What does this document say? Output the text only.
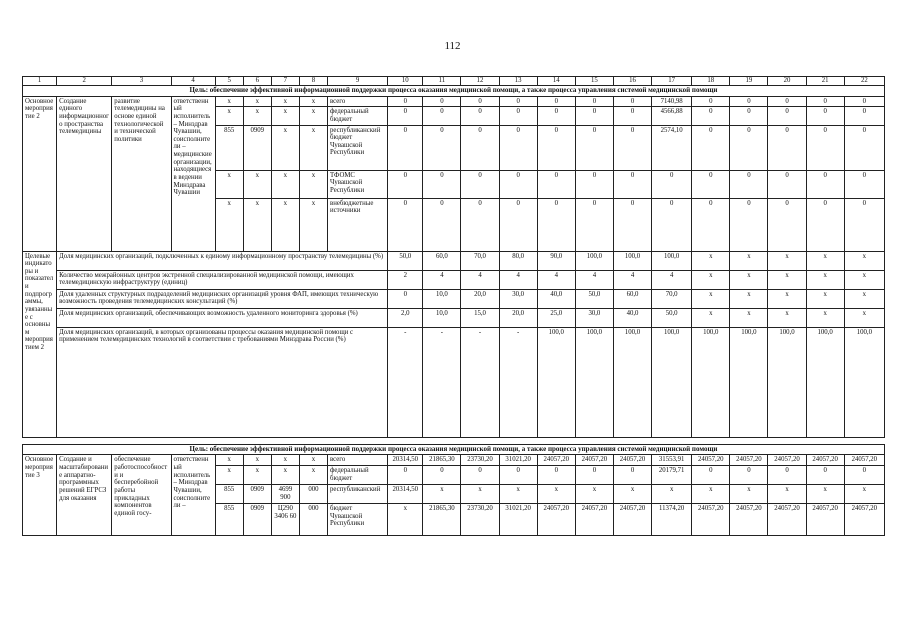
112
1	2	3	4	5	6	7	8	9	10	11	12	13	14	15	16	17	18	19	20	21	22
Цель: обеспечение эффективной информационной поддержки процесса оказания медицинской помощи, а также процесса управления системой медицинской помощи																					
Основное мероприятие 2	Создание единого информационного пространства телемедицины	развитие телемедицины на основе единой технологической и технической политики	ответственный исполнитель – Минздрав Чувашии, соисполнители – медицинские организации, находящиеся в ведении Минздрава Чувашии	x	x	x	x	всего	0	0	0	0	0	0	0	7140,98	0	0	0	0	0
				x	x	x	x	федеральный бюджет	0	0	0	0	0	0	0	4566,88	0	0	0	0	0
				855	0909	x	x	республиканский бюджет Чувашской Республики	0	0	0	0	0	0	0	2574,10	0	0	0	0	0
				x	x	x	x	ТФОМС Чувашской Республики	0	0	0	0	0	0	0	0	0	0	0	0	0
				x	x	x	x	внебюджетные источники	0	0	0	0	0	0	0	0	0	0	0	0	0
Целевые индикаторы и показатели подпрограммы, увязанные с основным мероприятием 2	Доля медицинских организаций, подключенных к единому информационному пространству телемедицины (%)								50,0	60,0	70,0	80,0	90,0	100,0	100,0	100,0	x	x	x	x	x
	Количество межрайонных центров экстренной специализированной медицинской помощи, имеющих телемедицинскую инфраструктуру (единиц)								2	4	4	4	4	4	4	4	x	x	x	x	x
	Доля удаленных структурных подразделений медицинских организаций уровня ФАП, имеющих техническую возможность проведения телемедицинских консультаций (%)								0	10,0	20,0	30,0	40,0	50,0	60,0	70,0	x	x	x	x	x
	Доля медицинских организаций, обеспечивающих возможность удаленного мониторинга здоровья (%)								2,0	10,0	15,0	20,0	25,0	30,0	40,0	50,0	x	x	x	x	x
	Доля медицинских организаций, в которых организованы процессы оказания медицинской помощи с применением телемедицинских технологий в соответствии с требованиями Минздрава России (%)								-	-	-	-	100,0	100,0	100,0	100,0	100,0	100,0	100,0	100,0	100,0

Цель: обеспечение эффективной информационной поддержки процесса оказания медицинской помощи, а также процесса управления системой медицинской помощи																					
Основное мероприятие 3	Создание и масштабирование аппаратно-программных решений ЕГРСЗ для оказания	обеспечение работоспособности и бесперебойной работы прикладных компонентов единой госу-	ответственный исполнитель – Минздрав Чувашии, соисполнители –	x	x	x	x	всего	20314,50	21865,30	23730,20	31021,20	24057,20	24057,20	24057,20	31553,91	24057,20	24057,20	24057,20	24057,20	24057,20
				x	x	x	x	федеральный бюджет	0	0	0	0	0	0	0	20179,71	0	0	0	0	0
				855	0909	4699 900	000	республиканский	20314,50	x	x	x	x	x	x	x	x	x	x	x	x
				855	0909	Ц290 3406 60	000	бюджет Чувашской Республики	x	21865,30	23730,20	31021,20	24057,20	24057,20	24057,20	11374,20	24057,20	24057,20	24057,20	24057,20	24057,20
